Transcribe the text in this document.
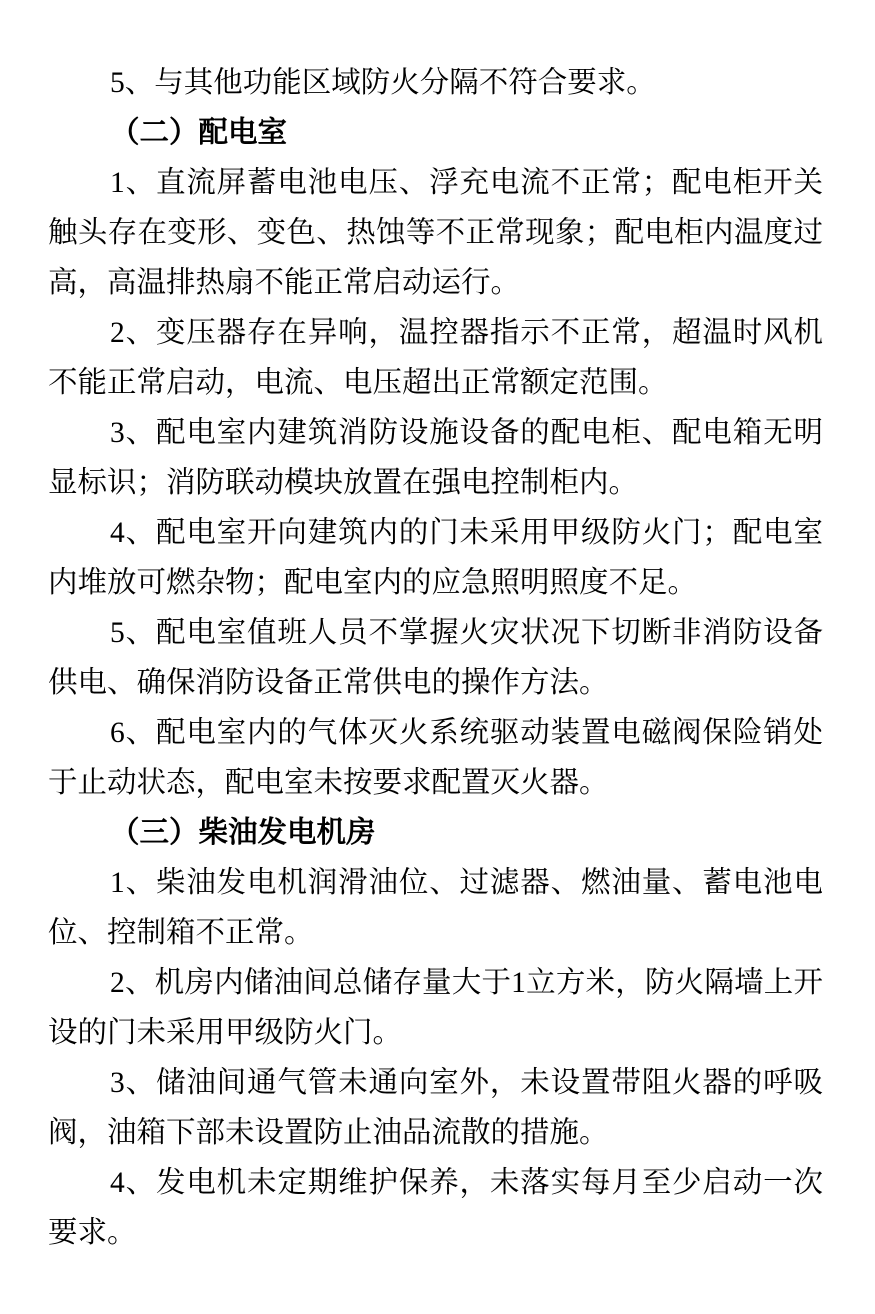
5、与其他功能区域防火分隔不符合要求。

（二）配电室

1、直流屏蓄电池电压、浮充电流不正常；配电柜开关触头存在变形、变色、热蚀等不正常现象；配电柜内温度过高，高温排热扇不能正常启动运行。

2、变压器存在异响，温控器指示不正常，超温时风机不能正常启动，电流、电压超出正常额定范围。

3、配电室内建筑消防设施设备的配电柜、配电箱无明显标识；消防联动模块放置在强电控制柜内。

4、配电室开向建筑内的门未采用甲级防火门；配电室内堆放可燃杂物；配电室内的应急照明照度不足。

5、配电室值班人员不掌握火灾状况下切断非消防设备供电、确保消防设备正常供电的操作方法。

6、配电室内的气体灭火系统驱动装置电磁阀保险销处于止动状态，配电室未按要求配置灭火器。

（三）柴油发电机房

1、柴油发电机润滑油位、过滤器、燃油量、蓄电池电位、控制箱不正常。

2、机房内储油间总储存量大于1立方米，防火隔墙上开设的门未采用甲级防火门。

3、储油间通气管未通向室外，未设置带阻火器的呼吸阀，油箱下部未设置防止油品流散的措施。

4、发电机未定期维护保养，未落实每月至少启动一次要求。
